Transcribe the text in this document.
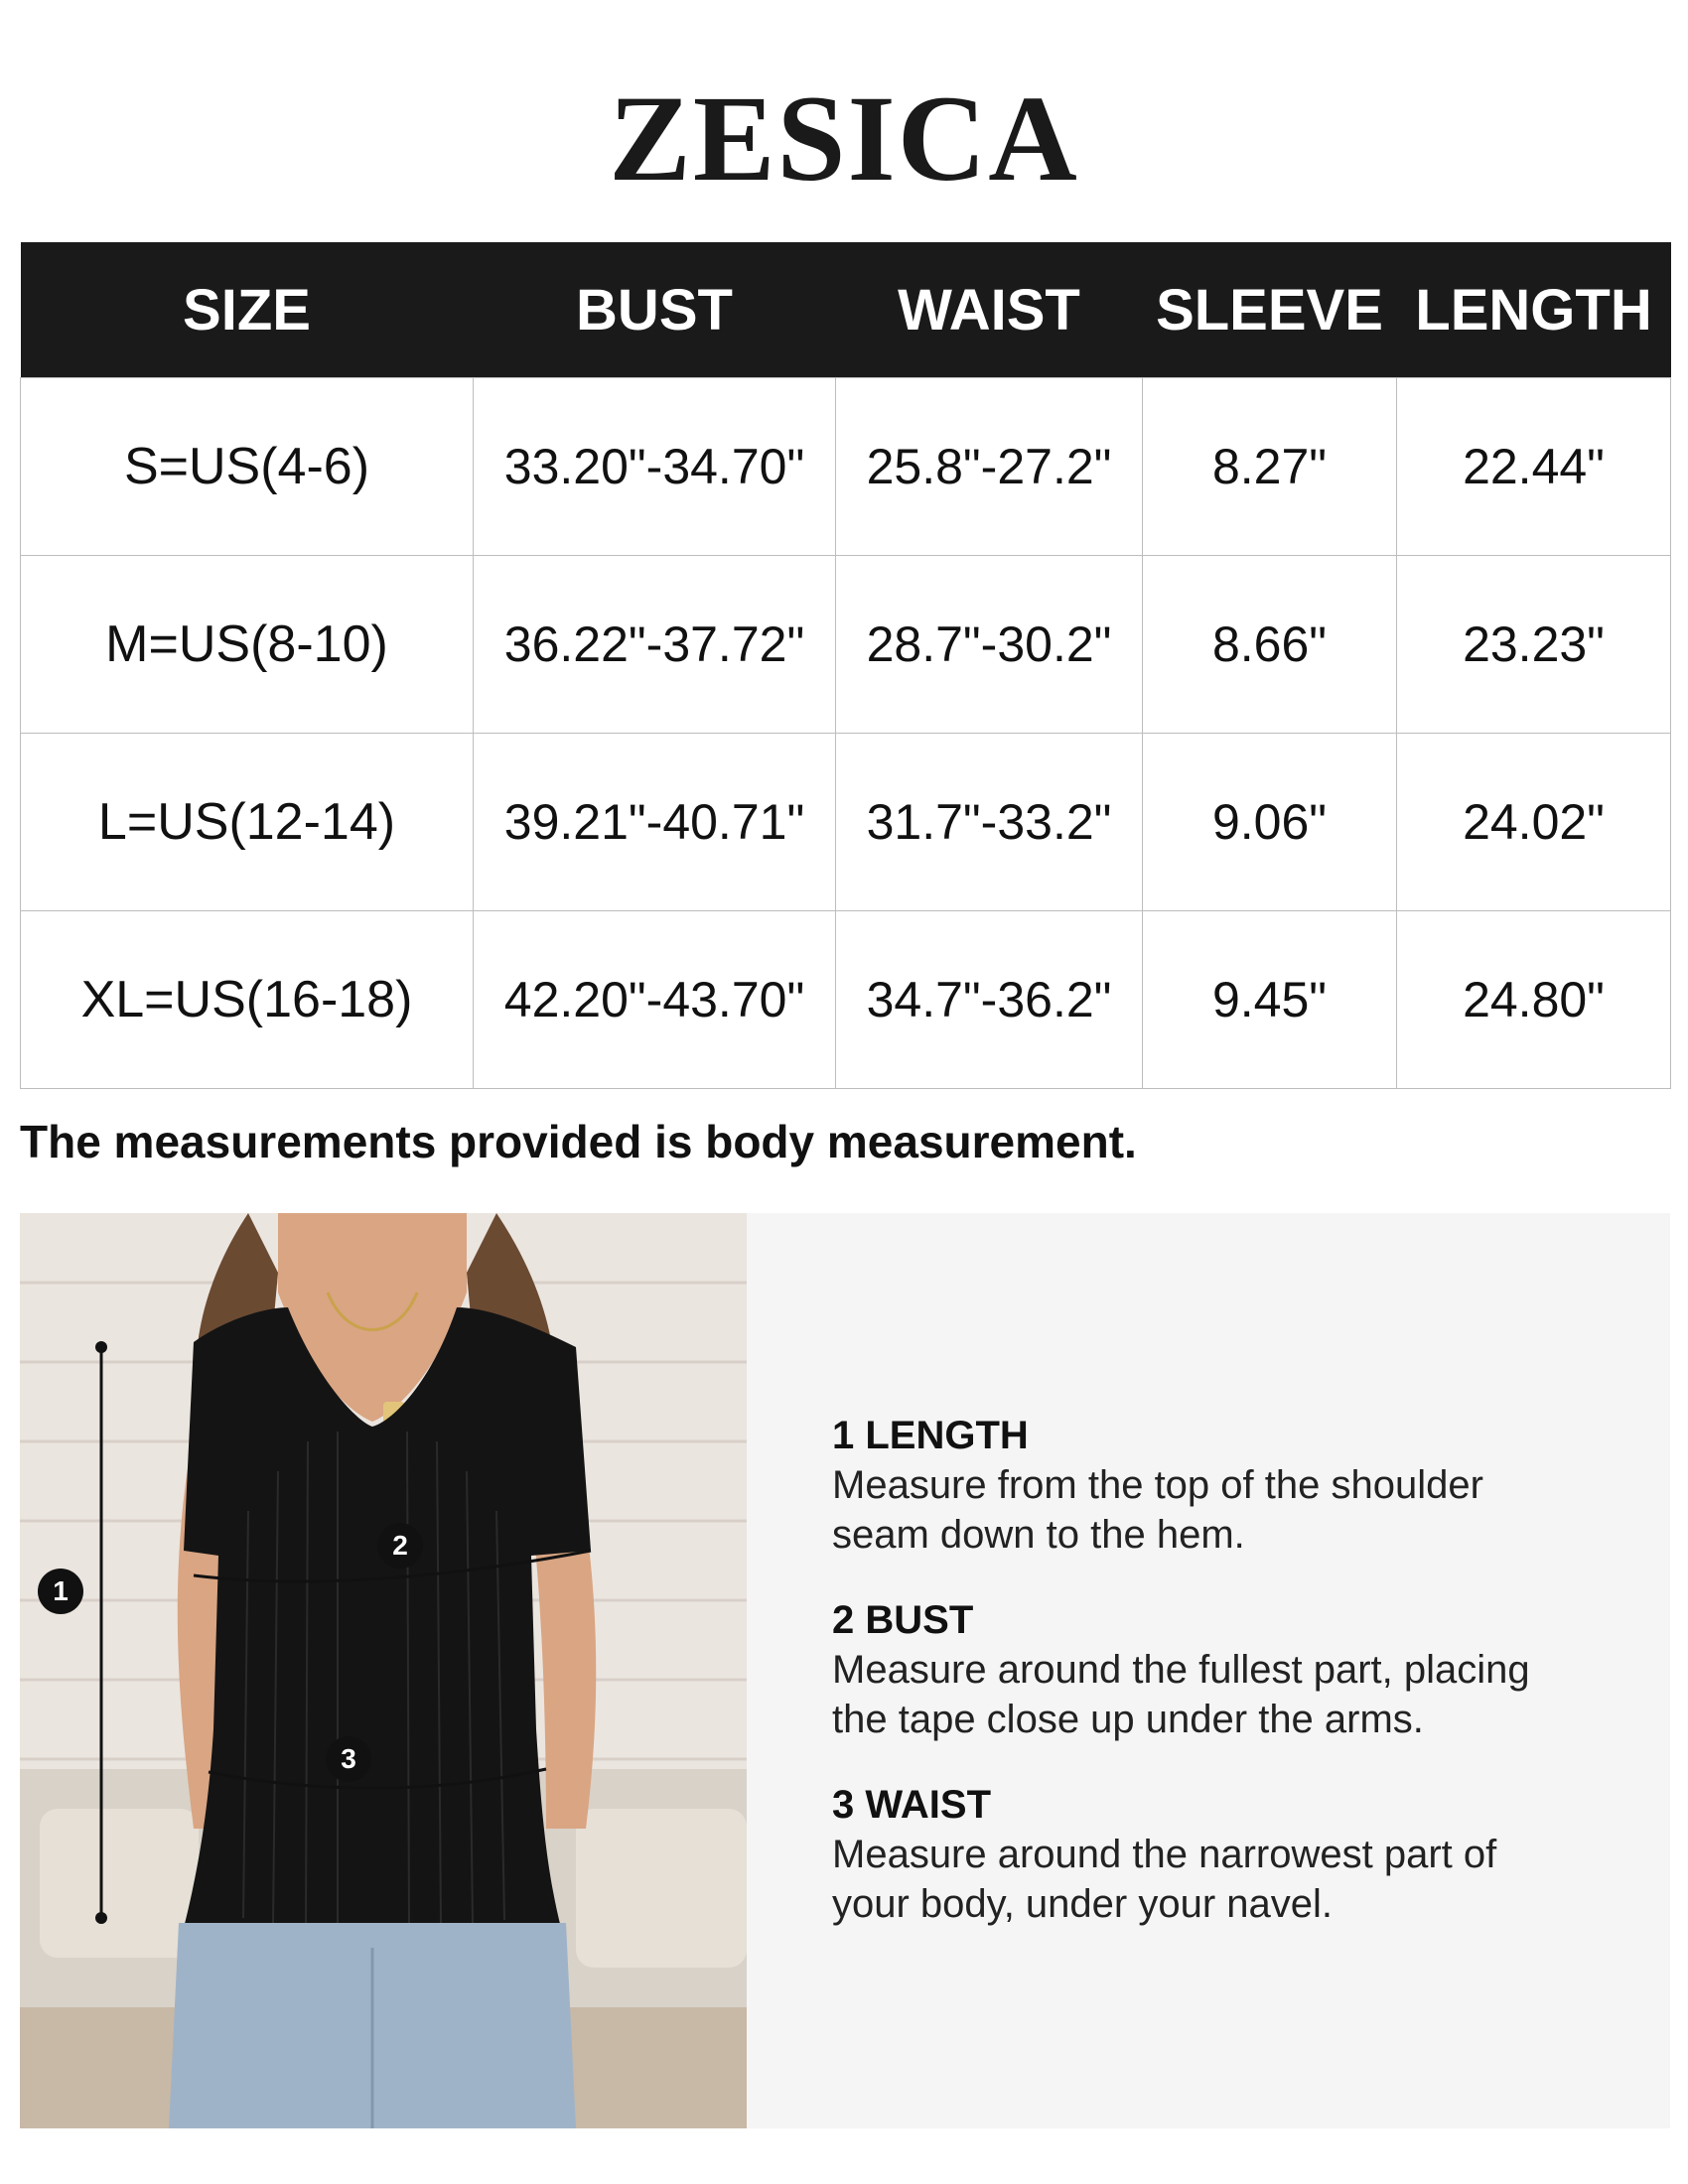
ZESICA
SIZE	BUST	WAIST	SLEEVE	LENGTH
S=US(4-6)	33.20"-34.70"	25.8"-27.2"	8.27"	22.44"
M=US(8-10)	36.22"-37.72"	28.7"-30.2"	8.66"	23.23"
L=US(12-14)	39.21"-40.71"	31.7"-33.2"	9.06"	24.02"
XL=US(16-18)	42.20"-43.70"	34.7"-36.2"	9.45"	24.80"
The measurements provided is body measurement.
1
2
3
1 LENGTH
Measure from the top of the shoulder
seam down to the hem.
2 BUST
Measure around the fullest part, placing
the tape close up under the arms.
3 WAIST
Measure around the narrowest part of
your body, under your navel.
